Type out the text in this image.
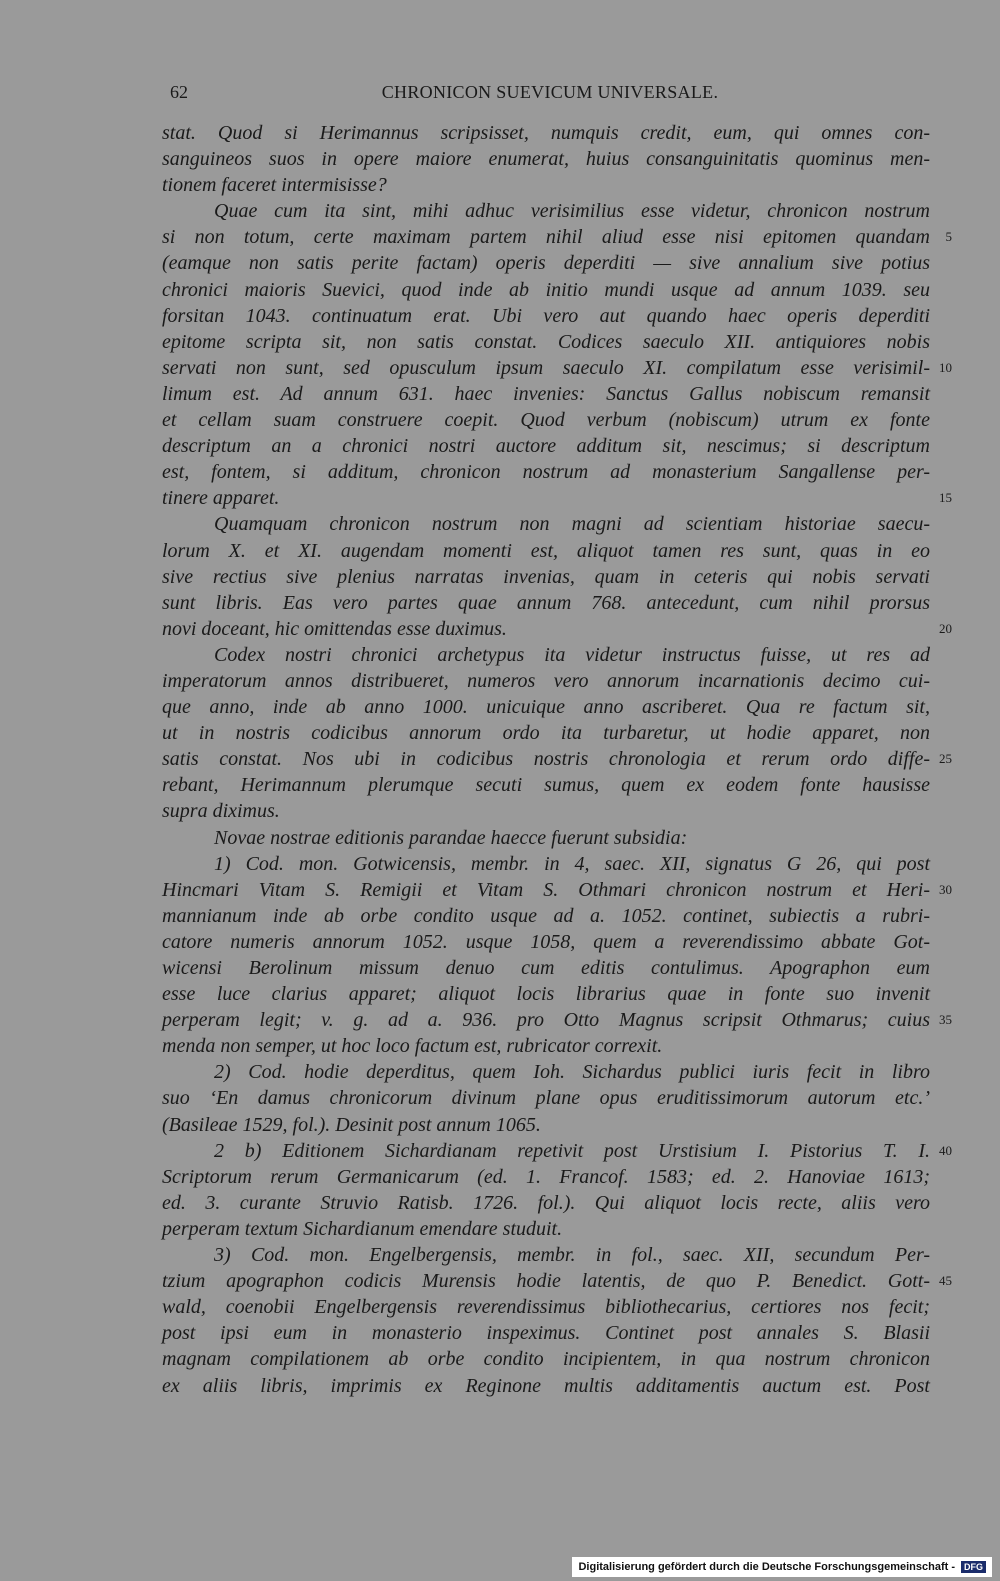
62	CHRONICON SUEVICUM UNIVERSALE.
stat. Quod si Herimannus scripsisset, numquis credit, eum, qui omnes con-
sanguineos suos in opere maiore enumerat, huius consanguinitatis quominus men-
tionem faceret intermisisse?
Quae cum ita sint, mihi adhuc verisimilius esse videtur, chronicon nostrum
si non totum, certe maximam partem nihil aliud esse nisi epitomen quandam 5
(eamque non satis perite factam) operis deperditi — sive annalium sive potius
chronici maioris Suevici, quod inde ab initio mundi usque ad annum 1039. seu
forsitan 1043. continuatum erat. Ubi vero aut quando haec operis deperditi
epitome scripta sit, non satis constat. Codices saeculo XII. antiquiores nobis
servati non sunt, sed opusculum ipsum saeculo XI. compilatum esse verisimil- 10
limum est. Ad annum 631. haec invenies: Sanctus Gallus nobiscum remansit
et cellam suam construere coepit. Quod verbum (nobiscum) utrum ex fonte
descriptum an a chronici nostri auctore additum sit, nescimus; si descriptum
est, fontem, si additum, chronicon nostrum ad monasterium Sangallense per-
tinere apparet.	15
Quamquam chronicon nostrum non magni ad scientiam historiae saecu-
lorum X. et XI. augendam momenti est, aliquot tamen res sunt, quas in eo
sive rectius sive plenius narratas invenias, quam in ceteris qui nobis servati
sunt libris. Eas vero partes quae annum 768. antecedunt, cum nihil prorsus
novi doceant, hic omittendas esse duximus.	20
Codex nostri chronici archetypus ita videtur instructus fuisse, ut res ad
imperatorum annos distribueret, numeros vero annorum incarnationis decimo cui-
que anno, inde ab anno 1000. unicuique anno ascriberet. Qua re factum sit,
ut in nostris codicibus annorum ordo ita turbaretur, ut hodie apparet, non
satis constat. Nos ubi in codicibus nostris chronologia et rerum ordo diffe- 25
rebant, Herimannum plerumque secuti sumus, quem ex eodem fonte hausisse
supra diximus.
Novae nostrae editionis parandae haecce fuerunt subsidia:
1) Cod. mon. Gotwicensis, membr. in 4, saec. XII, signatus G 26, qui post
Hincmari Vitam S. Remigii et Vitam S. Othmari chronicon nostrum et Heri- 30
mannianum inde ab orbe condito usque ad a. 1052. continet, subiectis a rubri-
catore numeris annorum 1052. usque 1058, quem a reverendissimo abbate Got-
wicensi Berolinum missum denuo cum editis contulimus. Apographon eum
esse luce clarius apparet; aliquot locis librarius quae in fonte suo invenit
perperam legit; v. g. ad a. 936. pro Otto Magnus scripsit Othmarus; cuius 35
menda non semper, ut hoc loco factum est, rubricator correxit.
2) Cod. hodie deperditus, quem Ioh. Sichardus publici iuris fecit in libro
suo ‘En damus chronicorum divinum plane opus eruditissimorum autorum etc.’
(Basileae 1529, fol.). Desinit post annum 1065.
2 b) Editionem Sichardianam repetivit post Urstisium I. Pistorius T. I. 40
Scriptorum rerum Germanicarum (ed. 1. Francof. 1583; ed. 2. Hanoviae 1613;
ed. 3. curante Struvio Ratisb. 1726. fol.). Qui aliquot locis recte, aliis vero
perperam textum Sichardianum emendare studuit.
3) Cod. mon. Engelbergensis, membr. in fol., saec. XII, secundum Per-
tzium apographon codicis Murensis hodie latentis, de quo P. Benedict. Gott- 45
wald, coenobii Engelbergensis reverendissimus bibliothecarius, certiores nos fecit;
post ipsi eum in monasterio inspeximus. Continet post annales S. Blasii
magnam compilationem ab orbe condito incipientem, in qua nostrum chronicon
ex aliis libris, imprimis ex Reginone multis additamentis auctum est. Post
Digitalisierung gefördert durch die Deutsche Forschungsgemeinschaft -	DFG
